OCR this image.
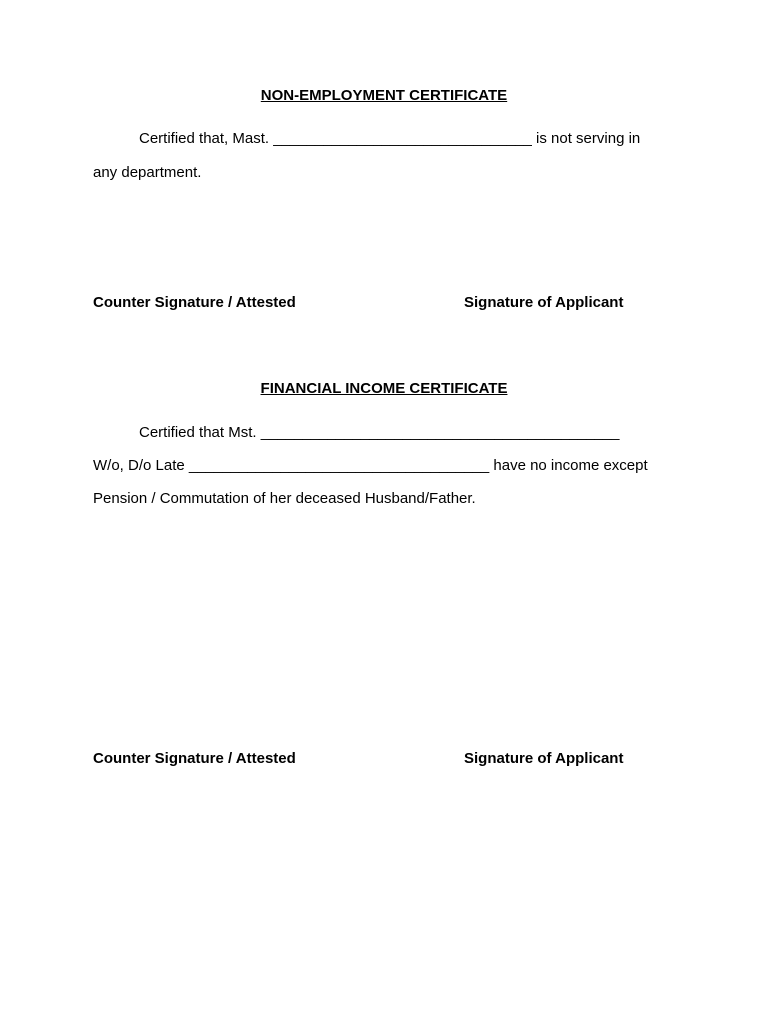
NON-EMPLOYMENT CERTIFICATE
Certified that, Mast. _______________________________ is not serving in
any department.
Counter Signature / Attested	Signature of Applicant
FINANCIAL INCOME CERTIFICATE
Certified that Mst. ___________________________________________
W/o, D/o Late ____________________________________ have no income except
Pension / Commutation of her deceased Husband/Father.
Counter Signature / Attested	Signature of Applicant
